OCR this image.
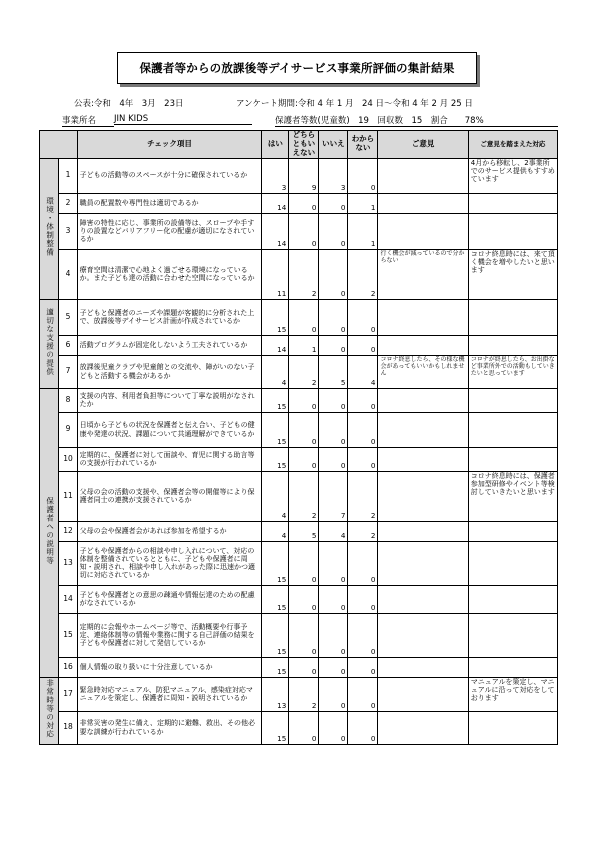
保護者等からの放課後等デイサービス事業所評価の集計結果
公表:令和　4年　3月　23日	アンケート期間:令和 4 年 1 月　24 日～令和 4 年 2 月 25 日
事業所名	JIN KIDS	保護者等数(児童数)　19　回収数　15　割合　　78%
		チェック項目	はい	どちらともいえない	いいえ	わからない	ご意見	ご意見を踏まえた対応
環境・体制整備	1	子どもの活動等のスペースが十分に確保されているか	3	9	3	0		4月から移転し、2事業所でのサービス提供もすすめています
	2	職員の配置数や専門性は適切であるか	14	0	0	1		
	3	障害の特性に応じ、事業所の設備等は、スロープや手すりの設置などバリアフリー化の配慮が適切になされているか	14	0	0	1		
	4	療育空間は清潔で心地よく過ごせる環境になっているか。また子ども達の活動に合わせた空間になっているか	11	2	0	2	行く機会が減っているので分からない	コロナ終息時には、来て頂く機会を増やしたいと思います
適切な支援の提供	5	子どもと保護者のニーズや課題が客観的に分析された上で、放課後等デイサービス計画が作成されているか	15	0	0	0		
	6	活動プログラムが固定化しないよう工夫されているか	14	1	0	0		
	7	放課後児童クラブや児童館との交流や、障がいのない子どもと活動する機会があるか	4	2	5	4	コロナ終息したら、その様な機会があってもいいかもしれません	コロナが終息したら、お出掛など事業所外での活動もしていきたいと思っています
保護者への説明等	8	支援の内容、利用者負担等について丁寧な説明がなされたか	15	0	0	0		
	9	日頃から子どもの状況を保護者と伝え合い、子どもの健康や発達の状況、課題について共通理解ができているか	15	0	0	0		
	10	定期的に、保護者に対して面談や、育児に関する助言等の支援が行われているか	15	0	0	0		
	11	父母の会の活動の支援や、保護者会等の開催等により保護者同士の連携が支援されているか	4	2	7	2		コロナ終息時には、保護者参加型研修やイベント等検討していきたいと思います
	12	父母の会や保護者会があれば参加を希望するか	4	5	4	2		
	13	子どもや保護者からの相談や申し入れについて、対応の体制を整備されているとともに、子どもや保護者に周知・説明され、相談や申し入れがあった際に迅速かつ適切に対応されているか	15	0	0	0		
	14	子どもや保護者との意思の疎通や情報伝達のための配慮がなされているか	15	0	0	0		
	15	定期的に会報やホームページ等で、活動概要や行事予定、連絡体制等の情報や業務に関する自己評価の結果を子どもや保護者に対して発信しているか	15	0	0	0		
	16	個人情報の取り扱いに十分注意しているか	15	0	0	0		
非常時等の対応	17	緊急時対応マニュアル、防犯マニュアル、感染症対応マニュアルを策定し、保護者に周知・説明されているか	13	2	0	0		マニュアルを策定し、マニュアルに沿って対応をしております
	18	非常災害の発生に備え、定期的に避難、救出、その他必要な訓練が行われているか	15	0	0	0		
